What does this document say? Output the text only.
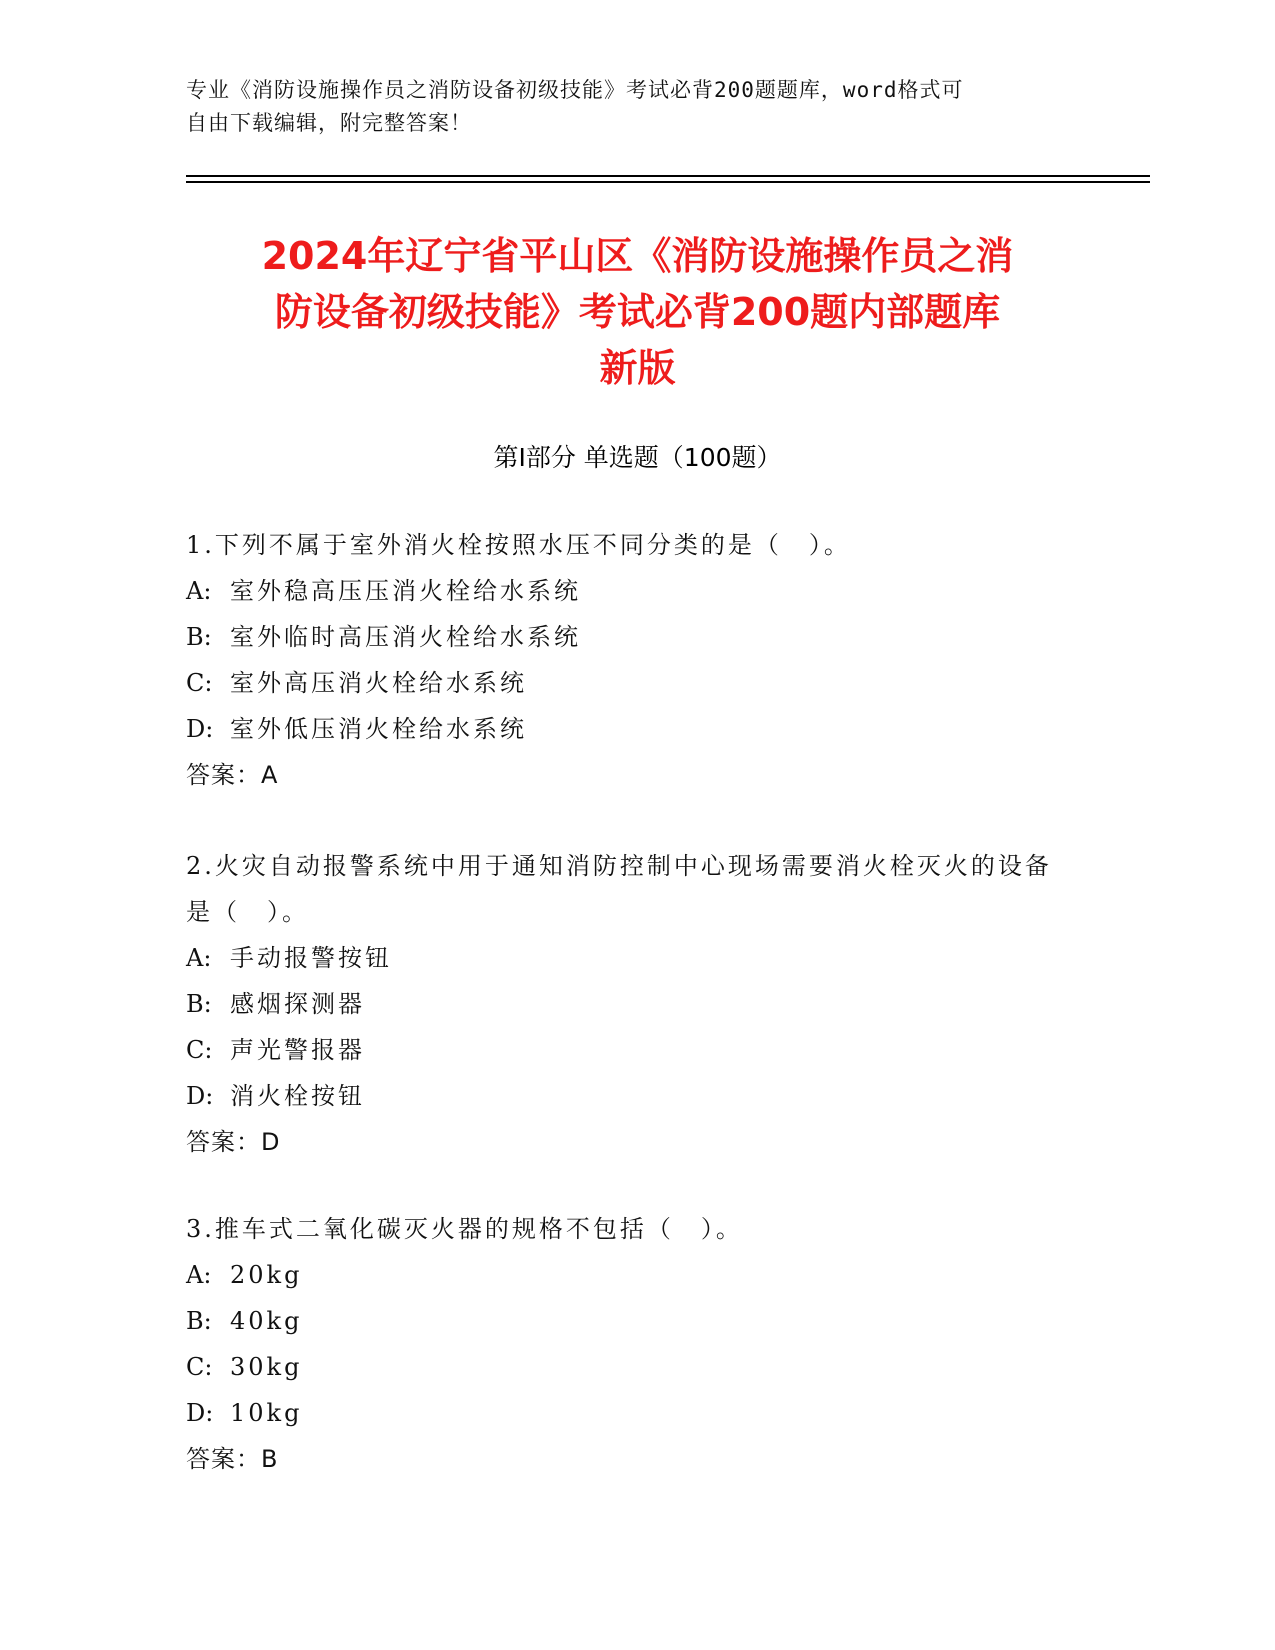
专业《消防设施操作员之消防设备初级技能》考试必背200题题库，word格式可
自由下载编辑，附完整答案！
2024年辽宁省平山区《消防设施操作员之消
防设备初级技能》考试必背200题内部题库
新版
第Ⅰ部分 单选题（100题）
1.下列不属于室外消火栓按照水压不同分类的是（　）。
A: 室外稳高压压消火栓给水系统
B: 室外临时高压消火栓给水系统
C: 室外高压消火栓给水系统
D: 室外低压消火栓给水系统
答案：A
2.火灾自动报警系统中用于通知消防控制中心现场需要消火栓灭火的设备是（　）。
A: 手动报警按钮
B: 感烟探测器
C: 声光警报器
D: 消火栓按钮
答案：D
3.推车式二氧化碳灭火器的规格不包括（　）。
A: 20kg
B: 40kg
C: 30kg
D: 10kg
答案：B
